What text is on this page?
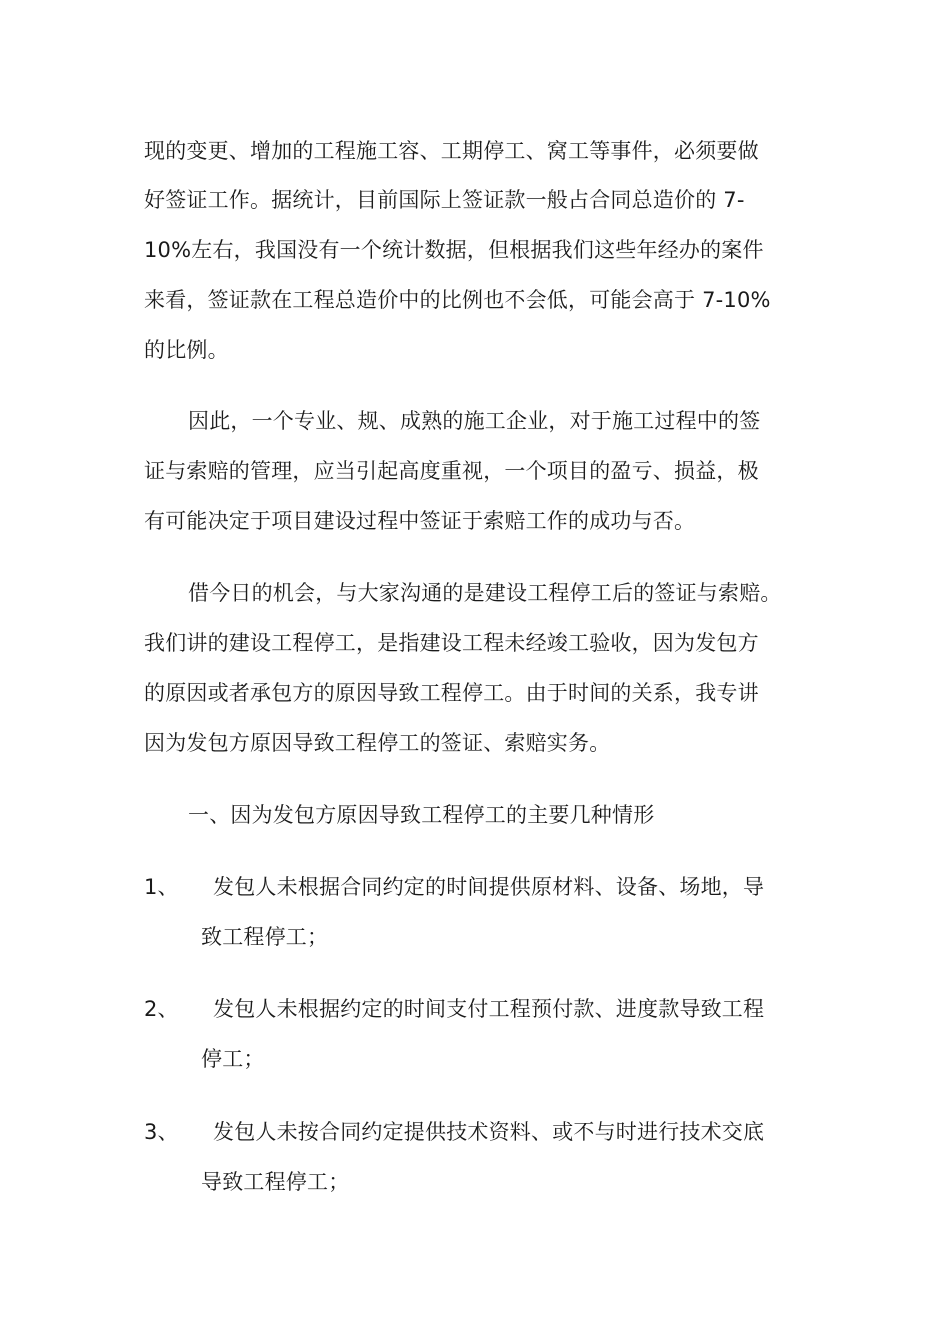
现的变更、增加的工程施工容、工期停工、窝工等事件，必须要做
好签证工作。据统计，目前国际上签证款一般占合同总造价的 7-
10%左右，我国没有一个统计数据，但根据我们这些年经办的案件
来看，签证款在工程总造价中的比例也不会低，可能会高于 7-10%
的比例。
因此，一个专业、规、成熟的施工企业，对于施工过程中的签
证与索赔的管理，应当引起高度重视，一个项目的盈亏、损益，极
有可能决定于项目建设过程中签证于索赔工作的成功与否。
借今日的机会，与大家沟通的是建设工程停工后的签证与索赔。
我们讲的建设工程停工，是指建设工程未经竣工验收，因为发包方
的原因或者承包方的原因导致工程停工。由于时间的关系，我专讲
因为发包方原因导致工程停工的签证、索赔实务。
一、因为发包方原因导致工程停工的主要几种情形
1、 发包人未根据合同约定的时间提供原材料、设备、场地，导
致工程停工；
2、 发包人未根据约定的时间支付工程预付款、进度款导致工程
停工；
3、 发包人未按合同约定提供技术资料、或不与时进行技术交底
导致工程停工；
